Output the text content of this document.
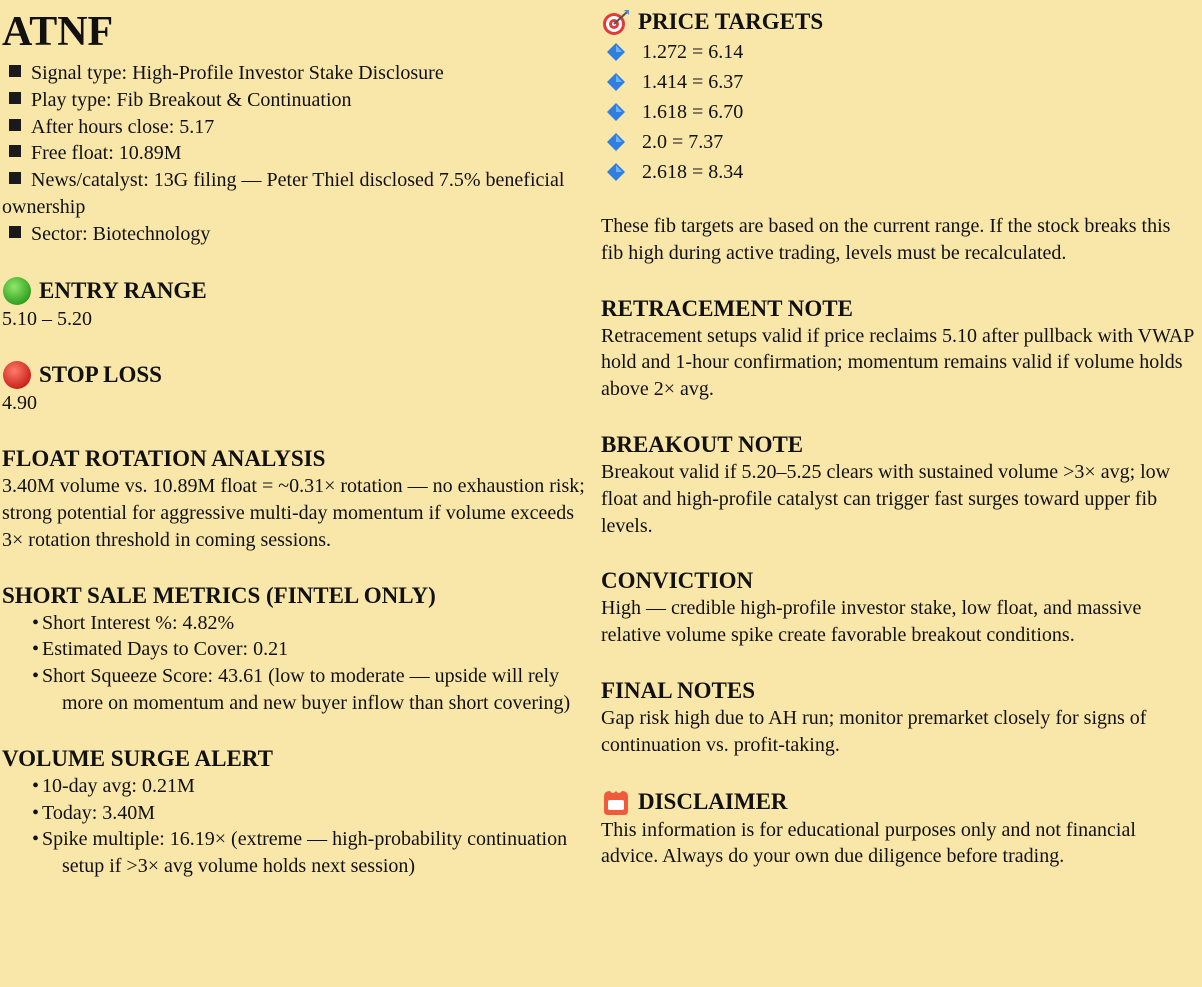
ATNF
Signal type: High-Profile Investor Stake Disclosure
Play type: Fib Breakout & Continuation
After hours close: 5.17
Free float: 10.89M
News/catalyst: 13G filing — Peter Thiel disclosed 7.5% beneficial ownership
Sector: Biotechnology
ENTRY RANGE
5.10 – 5.20
STOP LOSS
4.90
FLOAT ROTATION ANALYSIS
3.40M volume vs. 10.89M float = ~0.31× rotation — no exhaustion risk; strong potential for aggressive multi-day momentum if volume exceeds 3× rotation threshold in coming sessions.
SHORT SALE METRICS (FINTEL ONLY)
• Short Interest %: 4.82%
• Estimated Days to Cover: 0.21
• Short Squeeze Score: 43.61 (low to moderate — upside will rely more on momentum and new buyer inflow than short covering)
VOLUME SURGE ALERT
• 10-day avg: 0.21M
• Today: 3.40M
• Spike multiple: 16.19× (extreme — high-probability continuation setup if >3× avg volume holds next session)
PRICE TARGETS
1.272 = 6.14
1.414 = 6.37
1.618 = 6.70
2.0 = 7.37
2.618 = 8.34
These fib targets are based on the current range. If the stock breaks this fib high during active trading, levels must be recalculated.
RETRACEMENT NOTE
Retracement setups valid if price reclaims 5.10 after pullback with VWAP hold and 1-hour confirmation; momentum remains valid if volume holds above 2× avg.
BREAKOUT NOTE
Breakout valid if 5.20–5.25 clears with sustained volume >3× avg; low float and high-profile catalyst can trigger fast surges toward upper fib levels.
CONVICTION
High — credible high-profile investor stake, low float, and massive relative volume spike create favorable breakout conditions.
FINAL NOTES
Gap risk high due to AH run; monitor premarket closely for signs of continuation vs. profit-taking.
DISCLAIMER
This information is for educational purposes only and not financial advice. Always do your own due diligence before trading.
